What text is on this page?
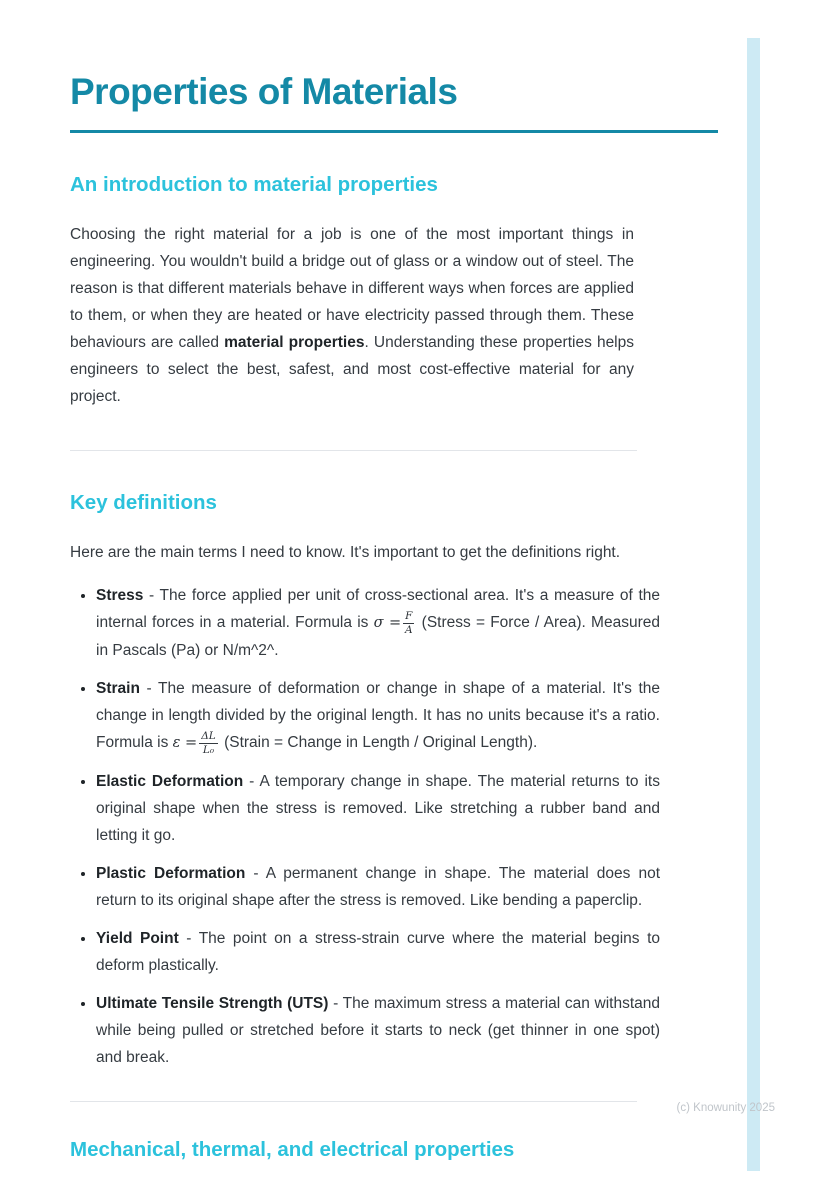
Properties of Materials
An introduction to material properties

Choosing the right material for a job is one of the most important things in engineering. You wouldn't build a bridge out of glass or a window out of steel. The reason is that different materials behave in different ways when forces are applied to them, or when they are heated or have electricity passed through them. These behaviours are called material properties. Understanding these properties helps engineers to select the best, safest, and most cost-effective material for any project.

Key definitions

Here are the main terms I need to know. It's important to get the definitions right.

• Stress - The force applied per unit of cross-sectional area. It's a measure of the internal forces in a material. Formula is $\sigma = \frac{F}{A}$ (Stress = Force / Area). Measured in Pascals (Pa) or N/m^2^.
• Strain - The measure of deformation or change in shape of a material. It's the change in length divided by the original length. It has no units because it's a ratio. Formula is $\varepsilon = \frac{\Delta L}{\text{L₀}}$ (Strain = Change in Length / Original Length).
• Elastic Deformation - A temporary change in shape. The material returns to its original shape when the stress is removed. Like stretching a rubber band and letting it go.
• Plastic Deformation - A permanent change in shape. The material does not return to its original shape after the stress is removed. Like bending a paperclip.
• Yield Point - The point on a stress-strain curve where the material begins to deform plastically.
• Ultimate Tensile Strength (UTS) - The maximum stress a material can withstand while being pulled or stretched before it starts to neck (get thinner in one spot) and break.
Mechanical, thermal, and electrical properties
(c) Knowunity 2025
